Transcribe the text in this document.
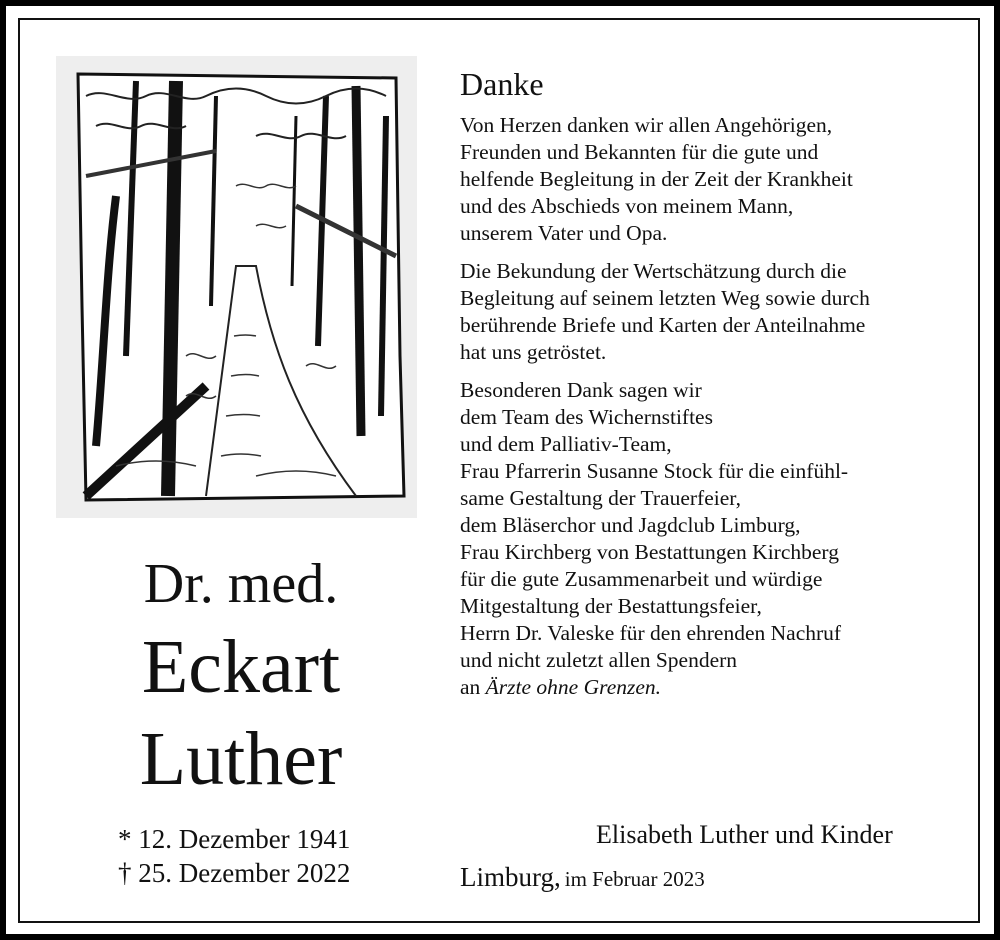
Dr. med.
Eckart
Luther
* 12. Dezember 1941
† 25. Dezember 2022
Danke
Von Herzen danken wir allen Angehörigen,
Freunden und Bekannten für die gute und
helfende Begleitung in der Zeit der Krankheit
und des Abschieds von meinem Mann,
unserem Vater und Opa.
Die Bekundung der Wertschätzung durch die
Begleitung auf seinem letzten Weg sowie durch
berührende Briefe und Karten der Anteilnahme
hat uns getröstet.
Besonderen Dank sagen wir
dem Team des Wichernstiftes
und dem Palliativ-Team,
Frau Pfarrerin Susanne Stock für die einfühl-
same Gestaltung der Trauerfeier,
dem Bläserchor und Jagdclub Limburg,
Frau Kirchberg von Bestattungen Kirchberg
für die gute Zusammenarbeit und würdige
Mitgestaltung der Bestattungsfeier,
Herrn Dr. Valeske für den ehrenden Nachruf
und nicht zuletzt allen Spendern
an Ärzte ohne Grenzen.
Elisabeth Luther und Kinder
Limburg, im Februar 2023
